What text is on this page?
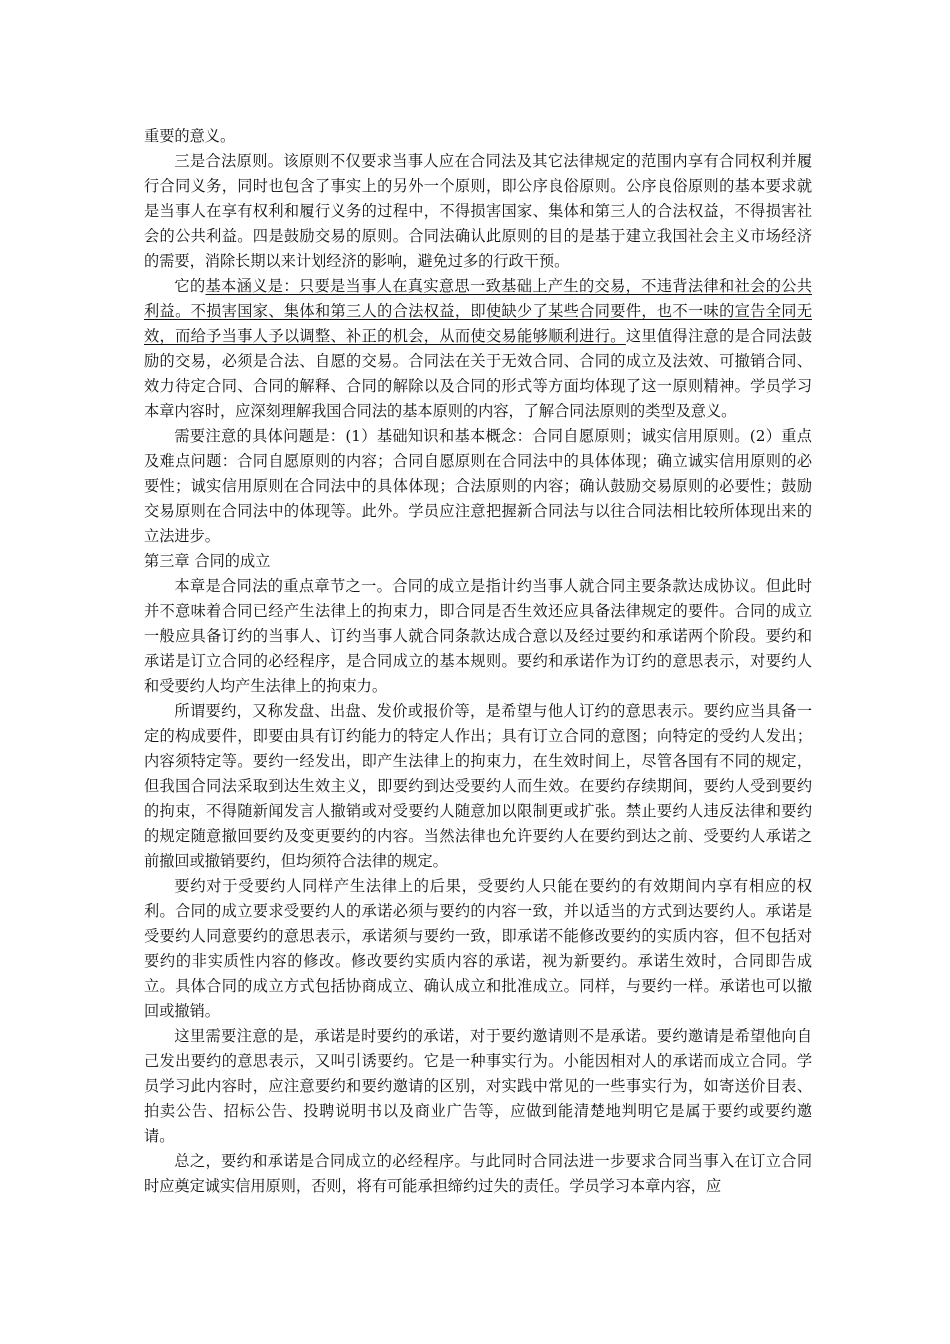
重要的意义。

三是合法原则。该原则不仅要求当事人应在合同法及其它法律规定的范围内享有合同权利并履行合同义务，同时也包含了事实上的另外一个原则，即公序良俗原则。公序良俗原则的基本要求就是当事人在享有权利和履行义务的过程中，不得损害国家、集体和第三人的合法权益，不得损害社会的公共利益。四是鼓励交易的原则。合同法确认此原则的目的是基于建立我国社会主义市场经济的需要，消除长期以来计划经济的影响，避免过多的行政干预。

它的基本涵义是：只要是当事人在真实意思一致基础上产生的交易，不违背法律和社会的公共利益。不损害国家、集体和第三人的合法权益，即使缺少了某些合同要件，也不一味的宣告全同无效，而给予当事人予以调整、补正的机会，从而使交易能够顺利进行。这里值得注意的是合同法鼓励的交易，必须是合法、自愿的交易。合同法在关于无效合同、合同的成立及法效、可撤销合同、效力待定合同、合同的解释、合同的解除以及合同的形式等方面均体现了这一原则精神。学员学习本章内容时，应深刻理解我国合同法的基本原则的内容，了解合同法原则的类型及意义。

需要注意的具体问题是：(1）基础知识和基本概念：合同自愿原则；诚实信用原则。(2）重点及难点问题：合同自愿原则的内容；合同自愿原则在合同法中的具体体现；确立诚实信用原则的必要性；诚实信用原则在合同法中的具体体现；合法原则的内容；确认鼓励交易原则的必要性；鼓励交易原则在合同法中的体现等。此外。学员应注意把握新合同法与以往合同法相比较所体现出来的立法进步。

第三章 合同的成立

本章是合同法的重点章节之一。合同的成立是指计约当事人就合同主要条款达成协议。但此时并不意味着合同已经产生法律上的拘束力，即合同是否生效还应具备法律规定的要件。合同的成立一般应具备订约的当事人、订约当事人就合同条款达成合意以及经过要约和承诺两个阶段。要约和承诺是订立合同的必经程序，是合同成立的基本规则。要约和承诺作为订约的意思表示，对要约人和受要约人均产生法律上的拘束力。

所谓要约，又称发盘、出盘、发价或报价等，是希望与他人订约的意思表示。要约应当具备一定的构成要件，即要由具有订约能力的特定人作出；具有订立合同的意图；向特定的受约人发出；内容须特定等。要约一经发出，即产生法律上的拘束力，在生效时间上，尽管各国有不同的规定，但我国合同法采取到达生效主义，即要约到达受要约人而生效。在要约存续期间，要约人受到要约的拘束，不得随新闻发言人撤销或对受要约人随意加以限制更或扩张。禁止要约人违反法律和要约的规定随意撤回要约及变更要约的内容。当然法律也允许要约人在要约到达之前、受要约人承诺之前撤回或撤销要约，但均须符合法律的规定。

要约对于受要约人同样产生法律上的后果，受要约人只能在要约的有效期间内享有相应的权利。合同的成立要求受要约人的承诺必须与要约的内容一致，并以适当的方式到达要约人。承诺是受要约人同意要约的意思表示，承诺须与要约一致，即承诺不能修改要约的实质内容，但不包括对要约的非实质性内容的修改。修改要约实质内容的承诺，视为新要约。承诺生效时，合同即告成立。具体合同的成立方式包括协商成立、确认成立和批准成立。同样，与要约一样。承诺也可以撤回或撤销。

这里需要注意的是，承诺是时要约的承诺，对于要约邀请则不是承诺。要约邀请是希望他向自己发出要约的意思表示，又叫引诱要约。它是一种事实行为。小能因相对人的承诺而成立合同。学员学习此内容时，应注意要约和要约邀请的区别，对实践中常见的一些事实行为，如寄送价目表、拍卖公告、招标公告、投聘说明书以及商业广告等，应做到能清楚地判明它是属于要约或要约邀请。

总之，要约和承诺是合同成立的必经程序。与此同时合同法进一步要求合同当事入在订立合同时应奠定诚实信用原则，否则，将有可能承担缔约过失的责任。学员学习本章内容，应
